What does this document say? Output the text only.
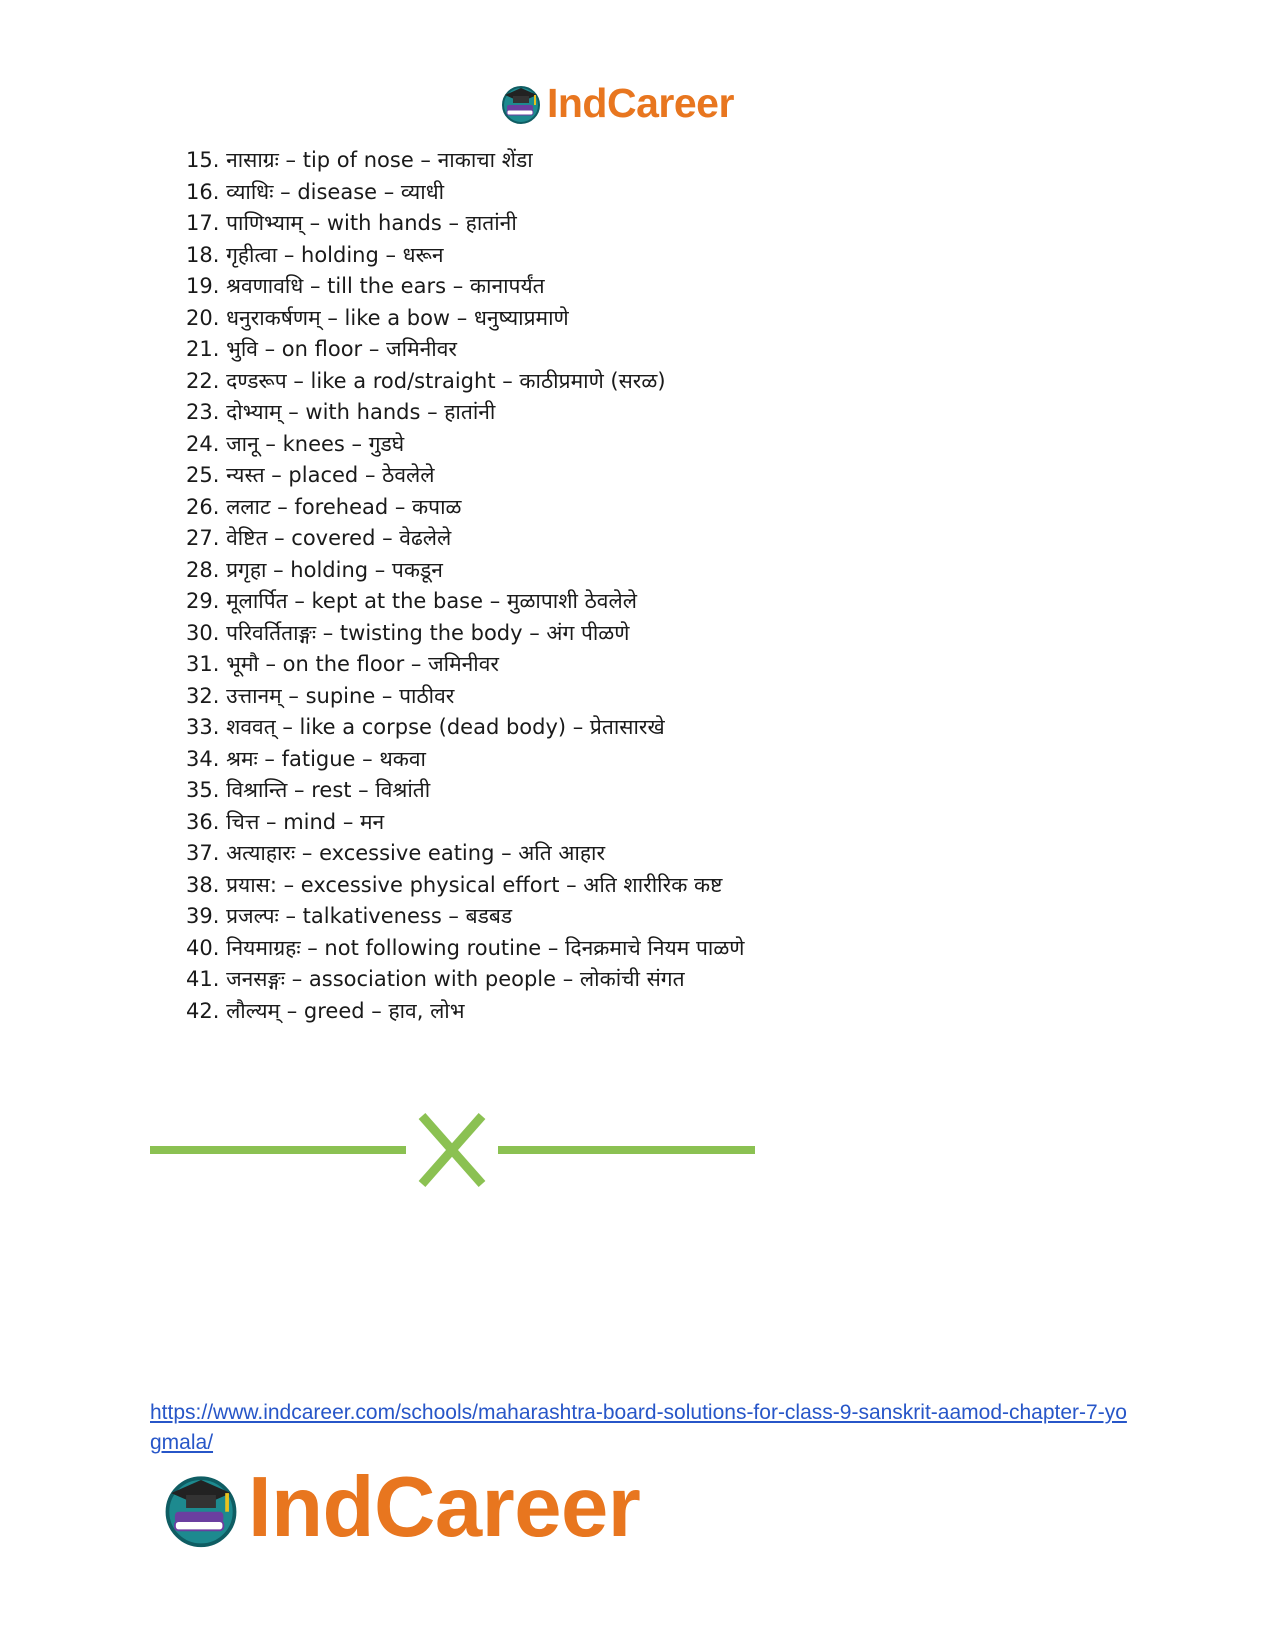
IndCareer
15. नासाग्रः – tip of nose – नाकाचा शेंडा
16. व्याधिः – disease – व्याधी
17. पाणिभ्याम् – with hands – हातांनी
18. गृहीत्वा – holding – धरून
19. श्रवणावधि – till the ears – कानापर्यंत
20. धनुराकर्षणम् – like a bow – धनुष्याप्रमाणे
21. भुवि – on floor – जमिनीवर
22. दण्डरूप – like a rod/straight – काठीप्रमाणे (सरळ)
23. दोभ्याम् – with hands – हातांनी
24. जानू – knees – गुडघे
25. न्यस्त – placed – ठेवलेले
26. ललाट – forehead – कपाळ
27. वेष्टित – covered – वेढलेले
28. प्रगृहा – holding – पकडून
29. मूलार्पित – kept at the base – मुळापाशी ठेवलेले
30. परिवर्तिताङ्गः – twisting the body – अंग पीळणे
31. भूमौ – on the floor – जमिनीवर
32. उत्तानम् – supine – पाठीवर
33. शववत् – like a corpse (dead body) – प्रेतासारखे
34. श्रमः – fatigue – थकवा
35. विश्रान्ति – rest – विश्रांती
36. चित्त – mind – मन
37. अत्याहारः – excessive eating – अति आहार
38. प्रयास: – excessive physical effort – अति शारीरिक कष्ट
39. प्रजल्पः – talkativeness – बडबड
40. नियमाग्रहः – not following routine – दिनक्रमाचे नियम पाळणे
41. जनसङ्गः – association with people – लोकांची संगत
42. लौल्यम् – greed – हाव, लोभ
https://www.indcareer.com/schools/maharashtra-board-solutions-for-class-9-sanskrit-aamod-chapter-7-yogmala/
IndCareer
